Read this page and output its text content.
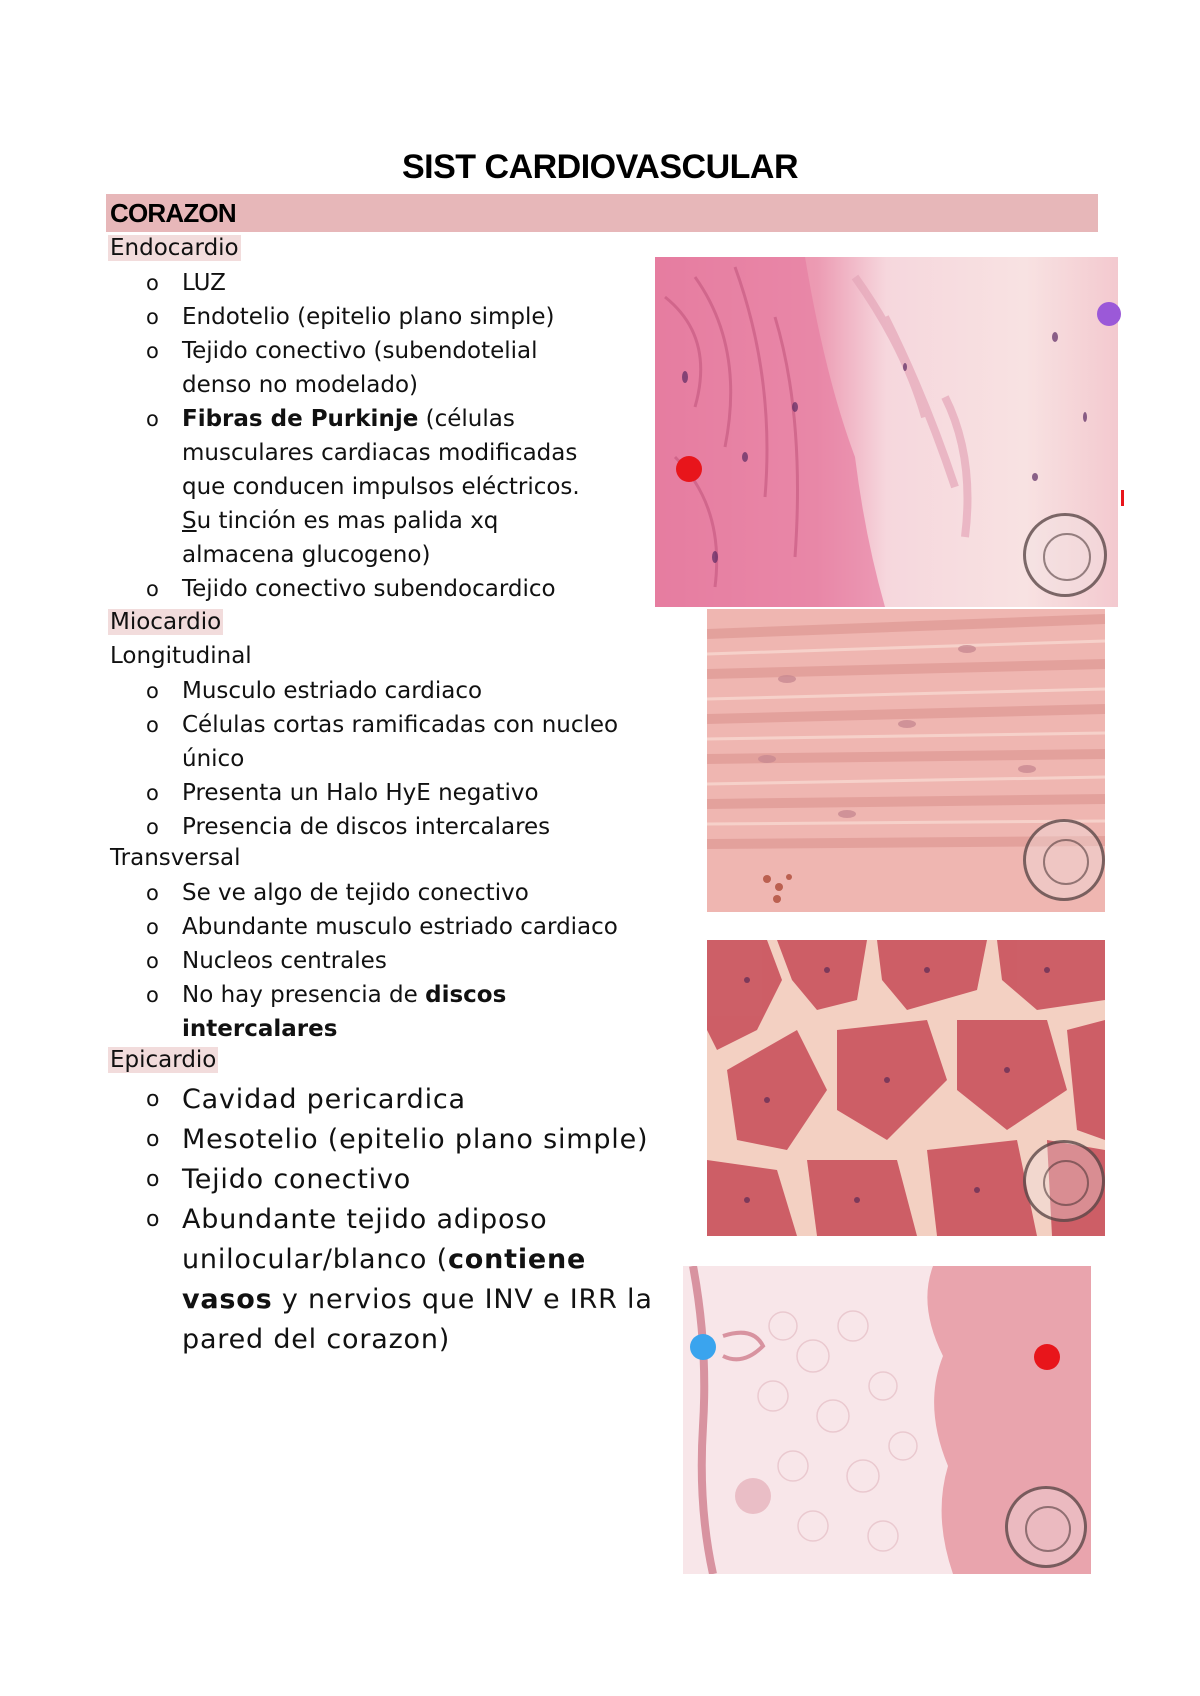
SIST CARDIOVASCULAR
CORAZON
Endocardio
o LUZ
o Endotelio (epitelio plano simple)
o Tejido conectivo (subendotelial
denso no modelado)
o Fibras de Purkinje (células
musculares cardiacas modificadas
que conducen impulsos eléctricos.
Su tinción es mas palida xq
almacena glucogeno)
o Tejido conectivo subendocardico
Miocardio
Longitudinal
o Musculo estriado cardiaco
o Células cortas ramificadas con nucleo
único
o Presenta un Halo HyE negativo
o Presencia de discos intercalares
Transversal
o Se ve algo de tejido conectivo
o Abundante musculo estriado cardiaco
o Nucleos centrales
o No hay presencia de discos
intercalares
Epicardio
o Cavidad pericardica
o Mesotelio (epitelio plano simple)
o Tejido conectivo
o Abundante tejido adiposo
unilocular/blanco (contiene
vasos y nervios que INV e IRR la
pared del corazon)
